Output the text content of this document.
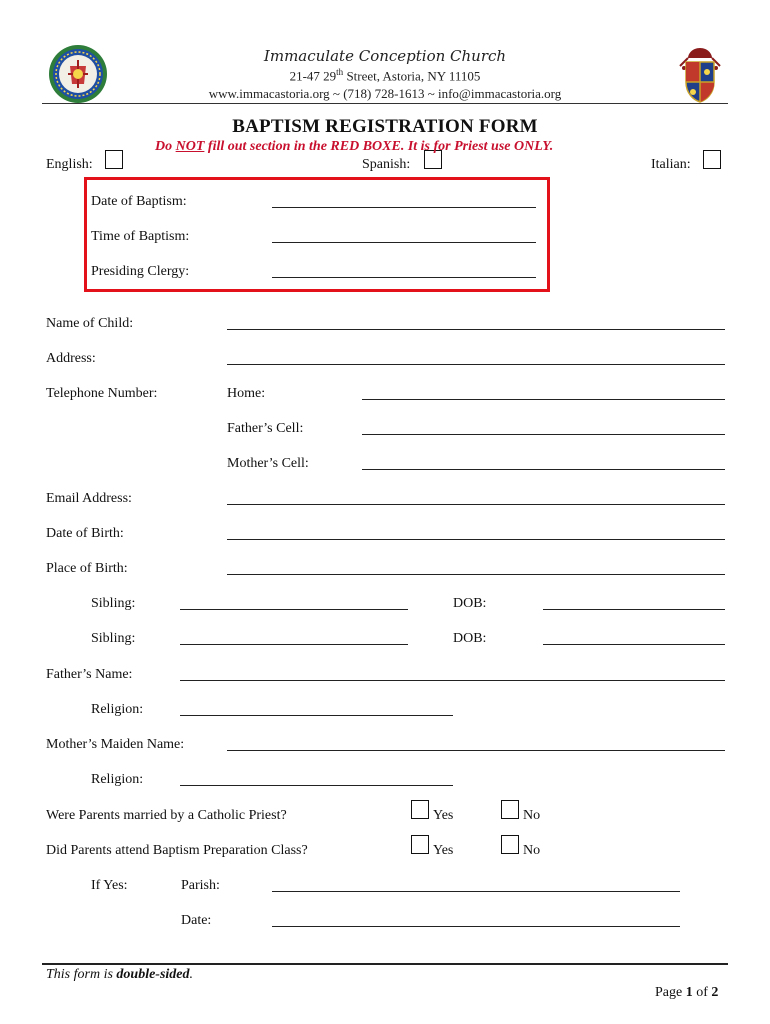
Immaculate Conception Church
21-47 29th Street, Astoria, NY 11105
www.immacastoria.org ~ (718) 728-1613 ~ info@immacastoria.org
BAPTISM REGISTRATION FORM
English:	Spanish:	Italian:
Do NOT fill out section in the RED BOXE. It is for Priest use ONLY.
Date of Baptism:
Time of Baptism:
Presiding Clergy:
Name of Child:
Address:
Telephone Number:	Home:
Father’s Cell:
Mother’s Cell:
Email Address:
Date of Birth:
Place of Birth:
Sibling:	DOB:
Sibling:	DOB:
Father’s Name:
Religion:
Mother’s Maiden Name:
Religion:
Were Parents married by a Catholic Priest?	Yes	No
Did Parents attend Baptism Preparation Class?	Yes	No
If Yes:	Parish:
Date:
This form is double-sided.
Page 1 of 2
